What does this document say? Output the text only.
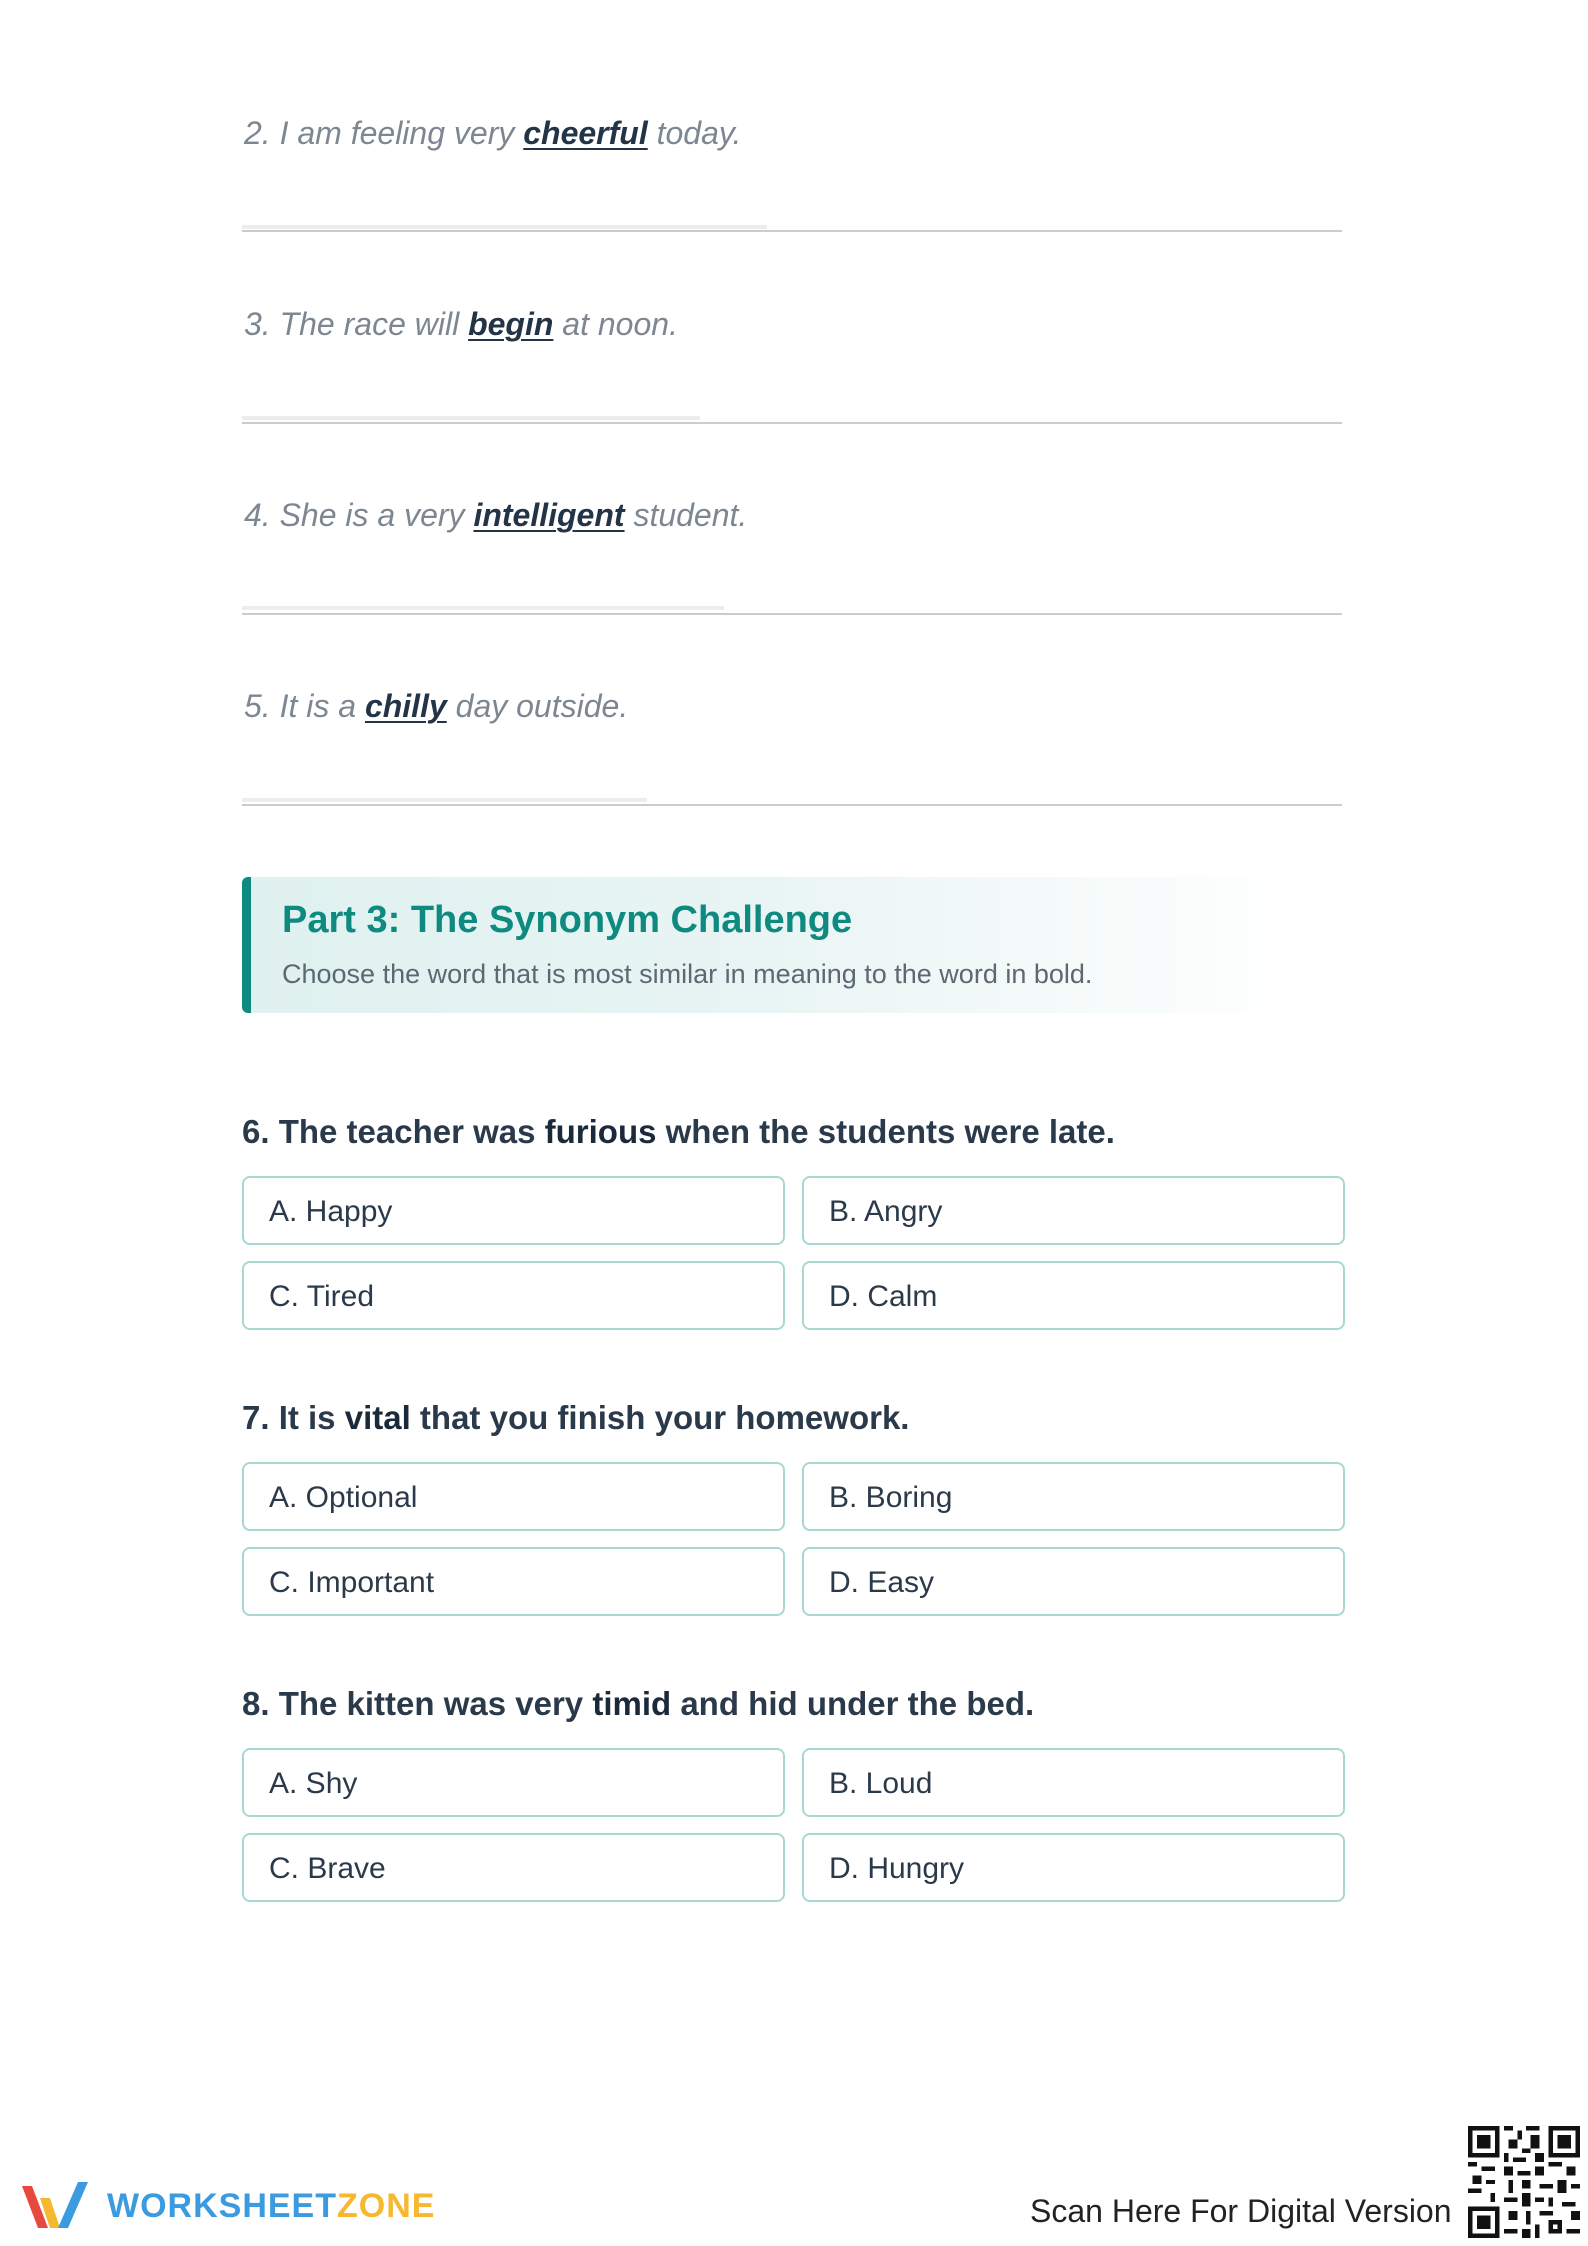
2. I am feeling very cheerful today.
3. The race will begin at noon.
4. She is a very intelligent student.
5. It is a chilly day outside.
Part 3: The Synonym Challenge
Choose the word that is most similar in meaning to the word in bold.
6. The teacher was furious when the students were late.
A. Happy	B. Angry
C. Tired	D. Calm
7. It is vital that you finish your homework.
A. Optional	B. Boring
C. Important	D. Easy
8. The kitten was very timid and hid under the bed.
A. Shy	B. Loud
C. Brave	D. Hungry
WORKSHEETZONE	Scan Here For Digital Version
